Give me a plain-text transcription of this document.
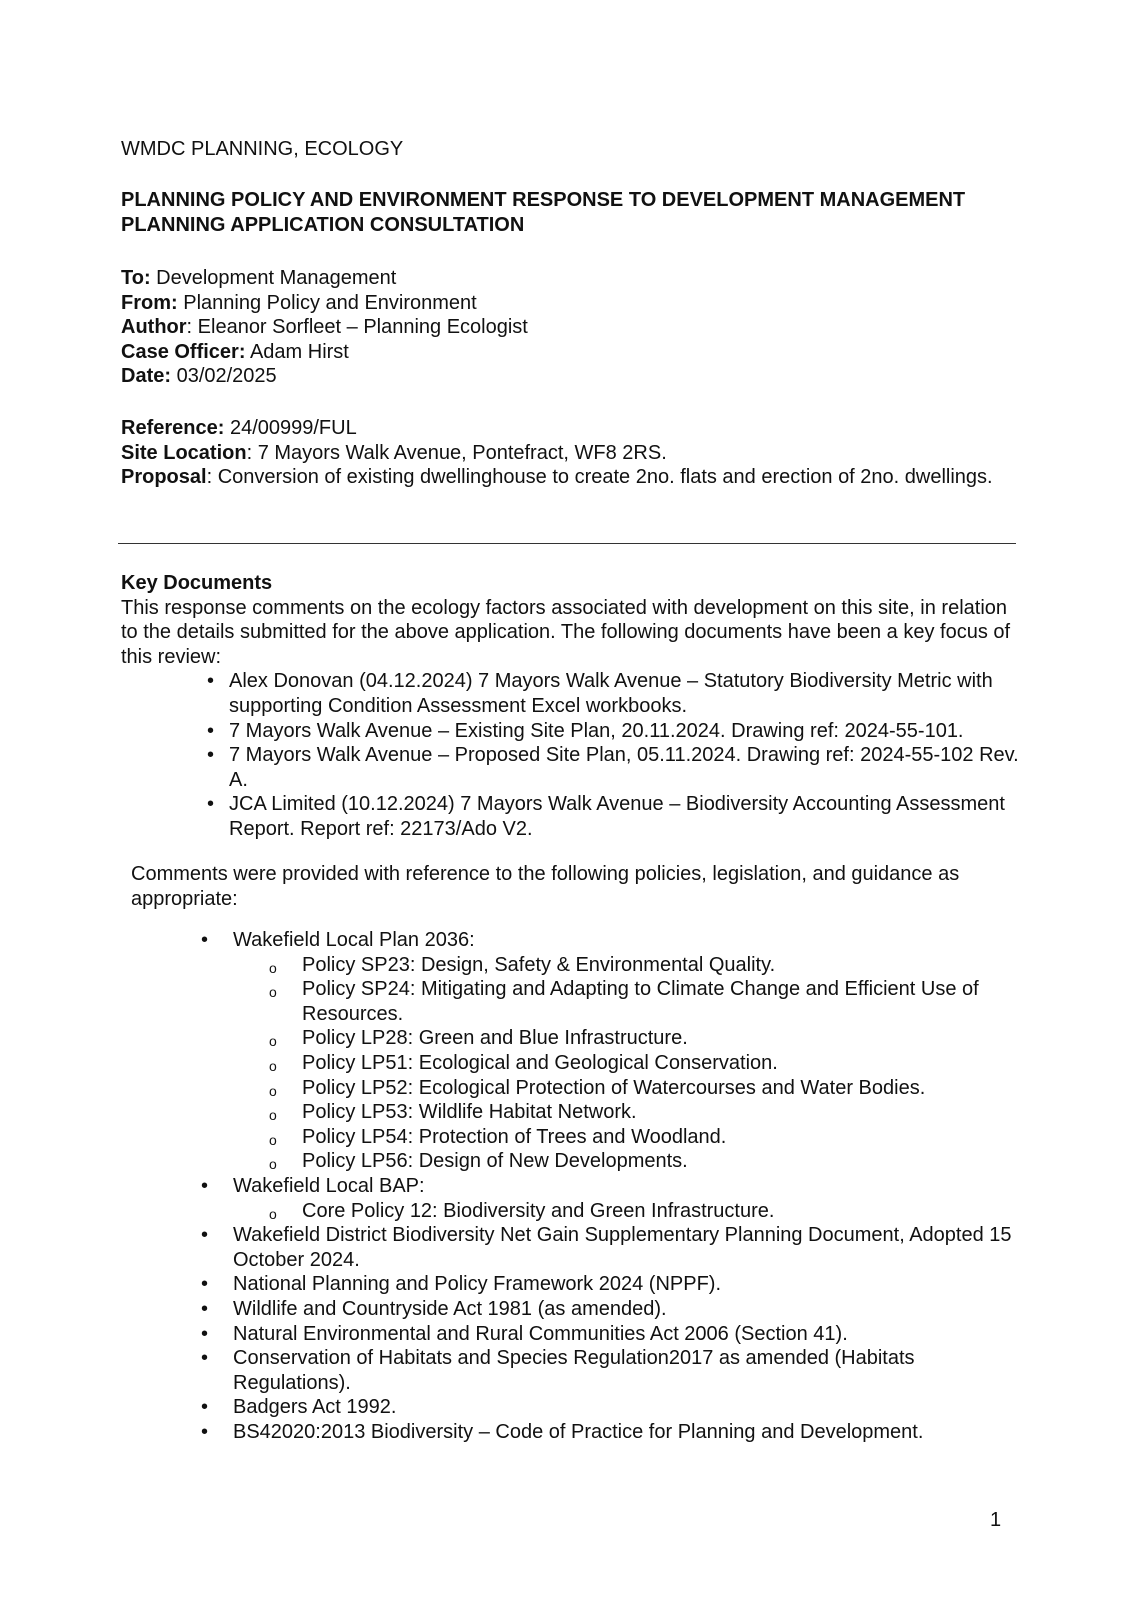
WMDC PLANNING, ECOLOGY
PLANNING POLICY AND ENVIRONMENT RESPONSE TO DEVELOPMENT MANAGEMENT
PLANNING APPLICATION CONSULTATION
To: Development Management
From: Planning Policy and Environment
Author: Eleanor Sorfleet – Planning Ecologist
Case Officer: Adam Hirst
Date: 03/02/2025
Reference: 24/00999/FUL
Site Location: 7 Mayors Walk Avenue, Pontefract, WF8 2RS.
Proposal: Conversion of existing dwellinghouse to create 2no. flats and erection of 2no. dwellings.
Key Documents

This response comments on the ecology factors associated with development on this site, in relation to the details submitted for the above application. The following documents have been a key focus of this review:

• Alex Donovan (04.12.2024) 7 Mayors Walk Avenue – Statutory Biodiversity Metric with supporting Condition Assessment Excel workbooks.
• 7 Mayors Walk Avenue – Existing Site Plan, 20.11.2024. Drawing ref: 2024-55-101.
• 7 Mayors Walk Avenue – Proposed Site Plan, 05.11.2024. Drawing ref: 2024-55-102 Rev. A.
• JCA Limited (10.12.2024) 7 Mayors Walk Avenue – Biodiversity Accounting Assessment Report. Report ref: 22173/Ado V2.
Comments were provided with reference to the following policies, legislation, and guidance as appropriate:
• Wakefield Local Plan 2036:
o Policy SP23: Design, Safety & Environmental Quality.
o Policy SP24: Mitigating and Adapting to Climate Change and Efficient Use of Resources.
o Policy LP28: Green and Blue Infrastructure.
o Policy LP51: Ecological and Geological Conservation.
o Policy LP52: Ecological Protection of Watercourses and Water Bodies.
o Policy LP53: Wildlife Habitat Network.
o Policy LP54: Protection of Trees and Woodland.
o Policy LP56: Design of New Developments.
• Wakefield Local BAP:
o Core Policy 12: Biodiversity and Green Infrastructure.
• Wakefield District Biodiversity Net Gain Supplementary Planning Document, Adopted 15 October 2024.
• National Planning and Policy Framework 2024 (NPPF).
• Wildlife and Countryside Act 1981 (as amended).
• Natural Environmental and Rural Communities Act 2006 (Section 41).
• Conservation of Habitats and Species Regulation2017 as amended (Habitats Regulations).
• Badgers Act 1992.
• BS42020:2013 Biodiversity – Code of Practice for Planning and Development.
1
